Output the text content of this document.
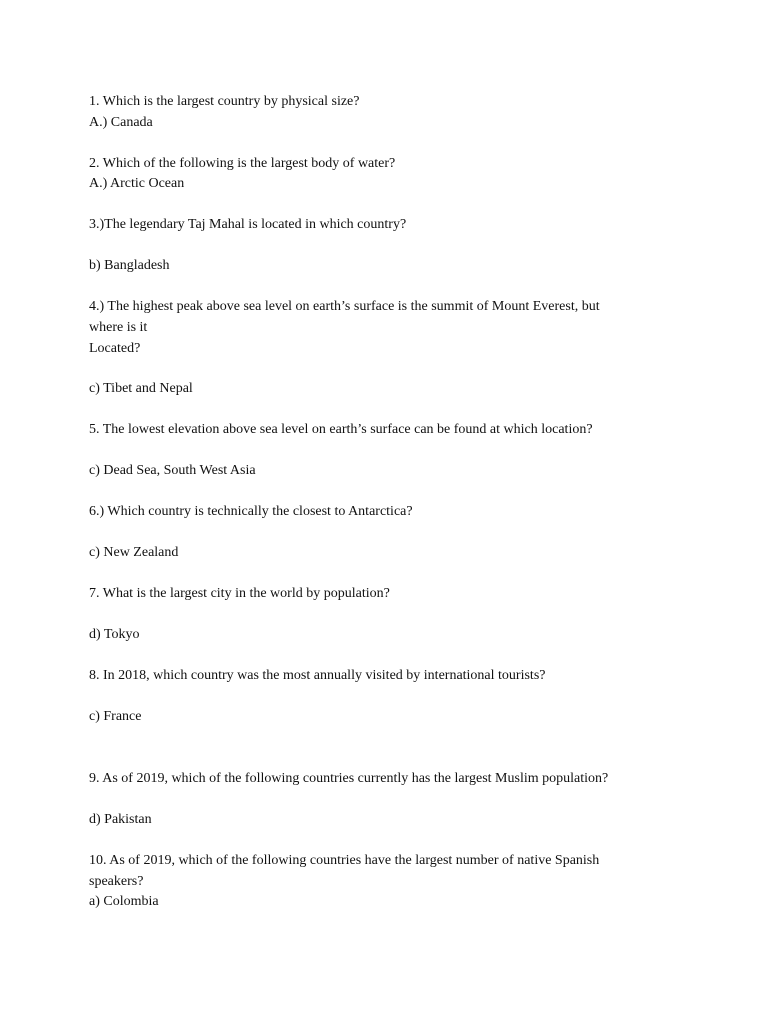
1. Which is the largest country by physical size?
A.) Canada
2. Which of the following is the largest body of water?
A.) Arctic Ocean
3.)The legendary Taj Mahal is located in which country?
b) Bangladesh
4.) The highest peak above sea level on earth’s surface is the summit of Mount Everest, but
where is it
Located?
c) Tibet and Nepal
5. The lowest elevation above sea level on earth’s surface can be found at which location?
c) Dead Sea, South West Asia
6.) Which country is technically the closest to Antarctica?
c) New Zealand
7. What is the largest city in the world by population?
d) Tokyo
8. In 2018, which country was the most annually visited by international tourists?
c) France
9. As of 2019, which of the following countries currently has the largest Muslim population?
d) Pakistan
10. As of 2019, which of the following countries have the largest number of native Spanish
speakers?
a) Colombia
